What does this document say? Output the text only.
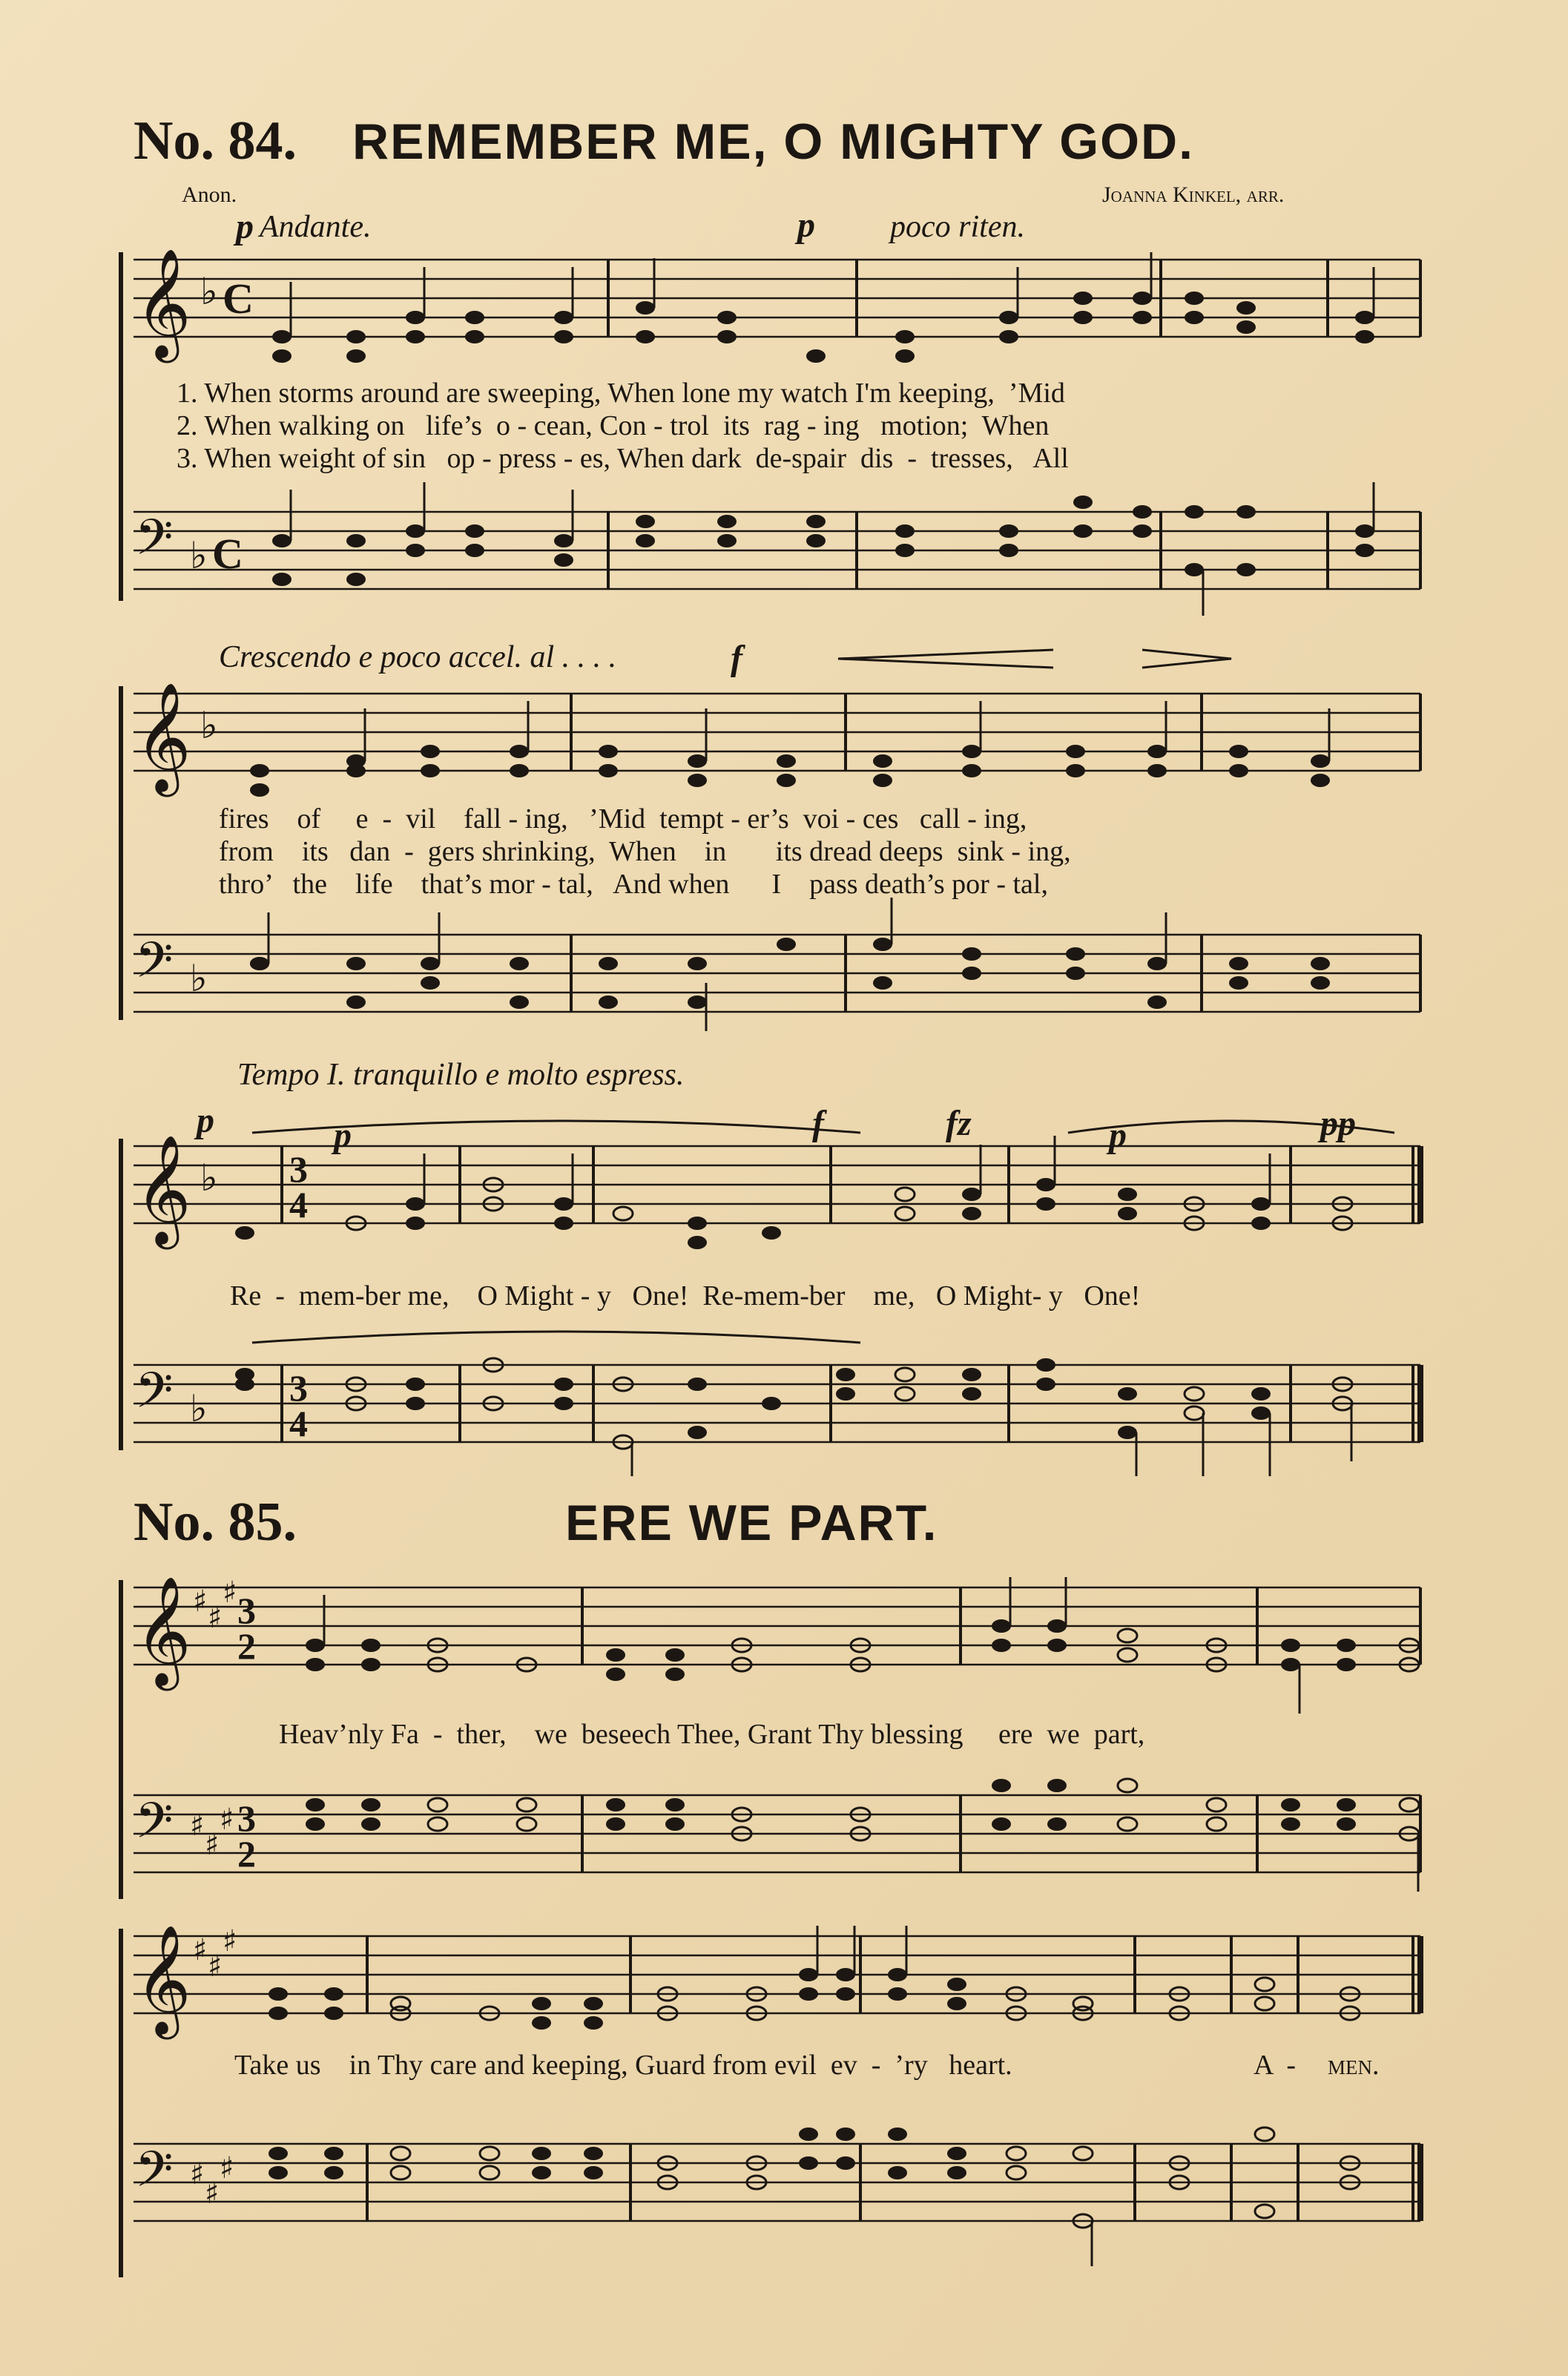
No. 84. REMEMBER ME, O MIGHTY GOD.
Anon.	Joanna Kinkel, arr.
p Andante.	p poco riten.
𝄞 ♭ C
1. When storms around are sweeping, When lone my watch I'm keeping,  ’Mid
2. When walking on   life’s  o - cean, Con - trol  its  rag - ing   motion;  When
3. When weight of sin   op - press - es, When dark  de-spair  dis  -  tresses,   All
𝄢 ♭ C
Crescendo e poco accel. al . . . .	f
𝄞 ♭
fires    of     e  -  vil    fall - ing,   ’Mid  tempt - er’s  voi - ces   call - ing,
from    its   dan  -  gers shrinking,  When    in       its dread deeps  sink - ing,
thro’   the    life    that’s mor - tal,   And when      I    pass death’s por - tal,
𝄢 ♭
Tempo I. tranquillo e molto espress.
p	p	f	fz	p	pp
𝄞 ♭ 3
4
Re  -  mem-ber me,    O Might - y   One!  Re-mem-ber    me,   O Might- y   One!
𝄢 ♭ 3
4
No. 85.	ERE WE PART.
𝄞 ♯ ♯
♯ 3
2
Heav’nly Fa  -  ther,    we  beseech Thee, Grant Thy blessing     ere  we  part,
𝄢 ♯
♯
♯ 3
2
𝄞 ♯ ♯
♯
Take us    in Thy care and keeping, Guard from evil  ev  -  ’ry   heart.	A  - men.
𝄢 ♯
♯
♯
